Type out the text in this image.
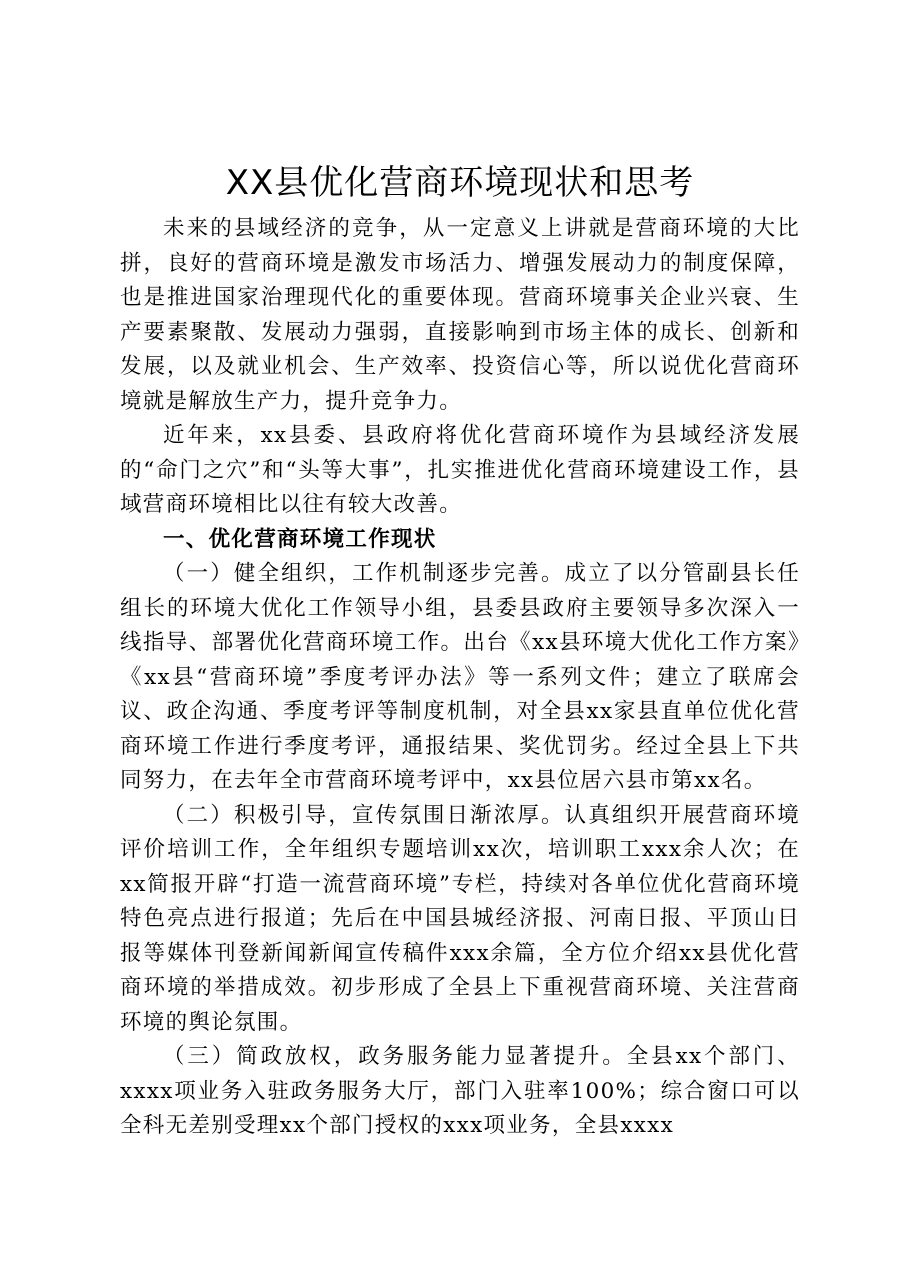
XX县优化营商环境现状和思考

未来的县域经济的竞争，从一定意义上讲就是营商环境的大比拼，良好的营商环境是激发市场活力、增强发展动力的制度保障，也是推进国家治理现代化的重要体现。营商环境事关企业兴衰、生产要素聚散、发展动力强弱，直接影响到市场主体的成长、创新和发展，以及就业机会、生产效率、投资信心等，所以说优化营商环境就是解放生产力，提升竞争力。

近年来，xx县委、县政府将优化营商环境作为县域经济发展的“命门之穴”和“头等大事”，扎实推进优化营商环境建设工作，县域营商环境相比以往有较大改善。

一、优化营商环境工作现状

（一）健全组织，工作机制逐步完善。成立了以分管副县长任组长的环境大优化工作领导小组，县委县政府主要领导多次深入一线指导、部署优化营商环境工作。出台《xx县环境大优化工作方案》《xx县“营商环境”季度考评办法》等一系列文件；建立了联席会议、政企沟通、季度考评等制度机制，对全县xx家县直单位优化营商环境工作进行季度考评，通报结果、奖优罚劣。经过全县上下共同努力，在去年全市营商环境考评中，xx县位居六县市第xx名。

（二）积极引导，宣传氛围日渐浓厚。认真组织开展营商环境评价培训工作，全年组织专题培训xx次，培训职工xxx余人次；在xx简报开辟“打造一流营商环境”专栏，持续对各单位优化营商环境特色亮点进行报道；先后在中国县城经济报、河南日报、平顶山日报等媒体刊登新闻新闻宣传稿件xxx余篇，全方位介绍xx县优化营商环境的举措成效。初步形成了全县上下重视营商环境、关注营商环境的舆论氛围。

（三）简政放权，政务服务能力显著提升。全县xx个部门、xxxx项业务入驻政务服务大厅，部门入驻率100%；综合窗口可以全科无差别受理xx个部门授权的xxx项业务，全县xxxx
